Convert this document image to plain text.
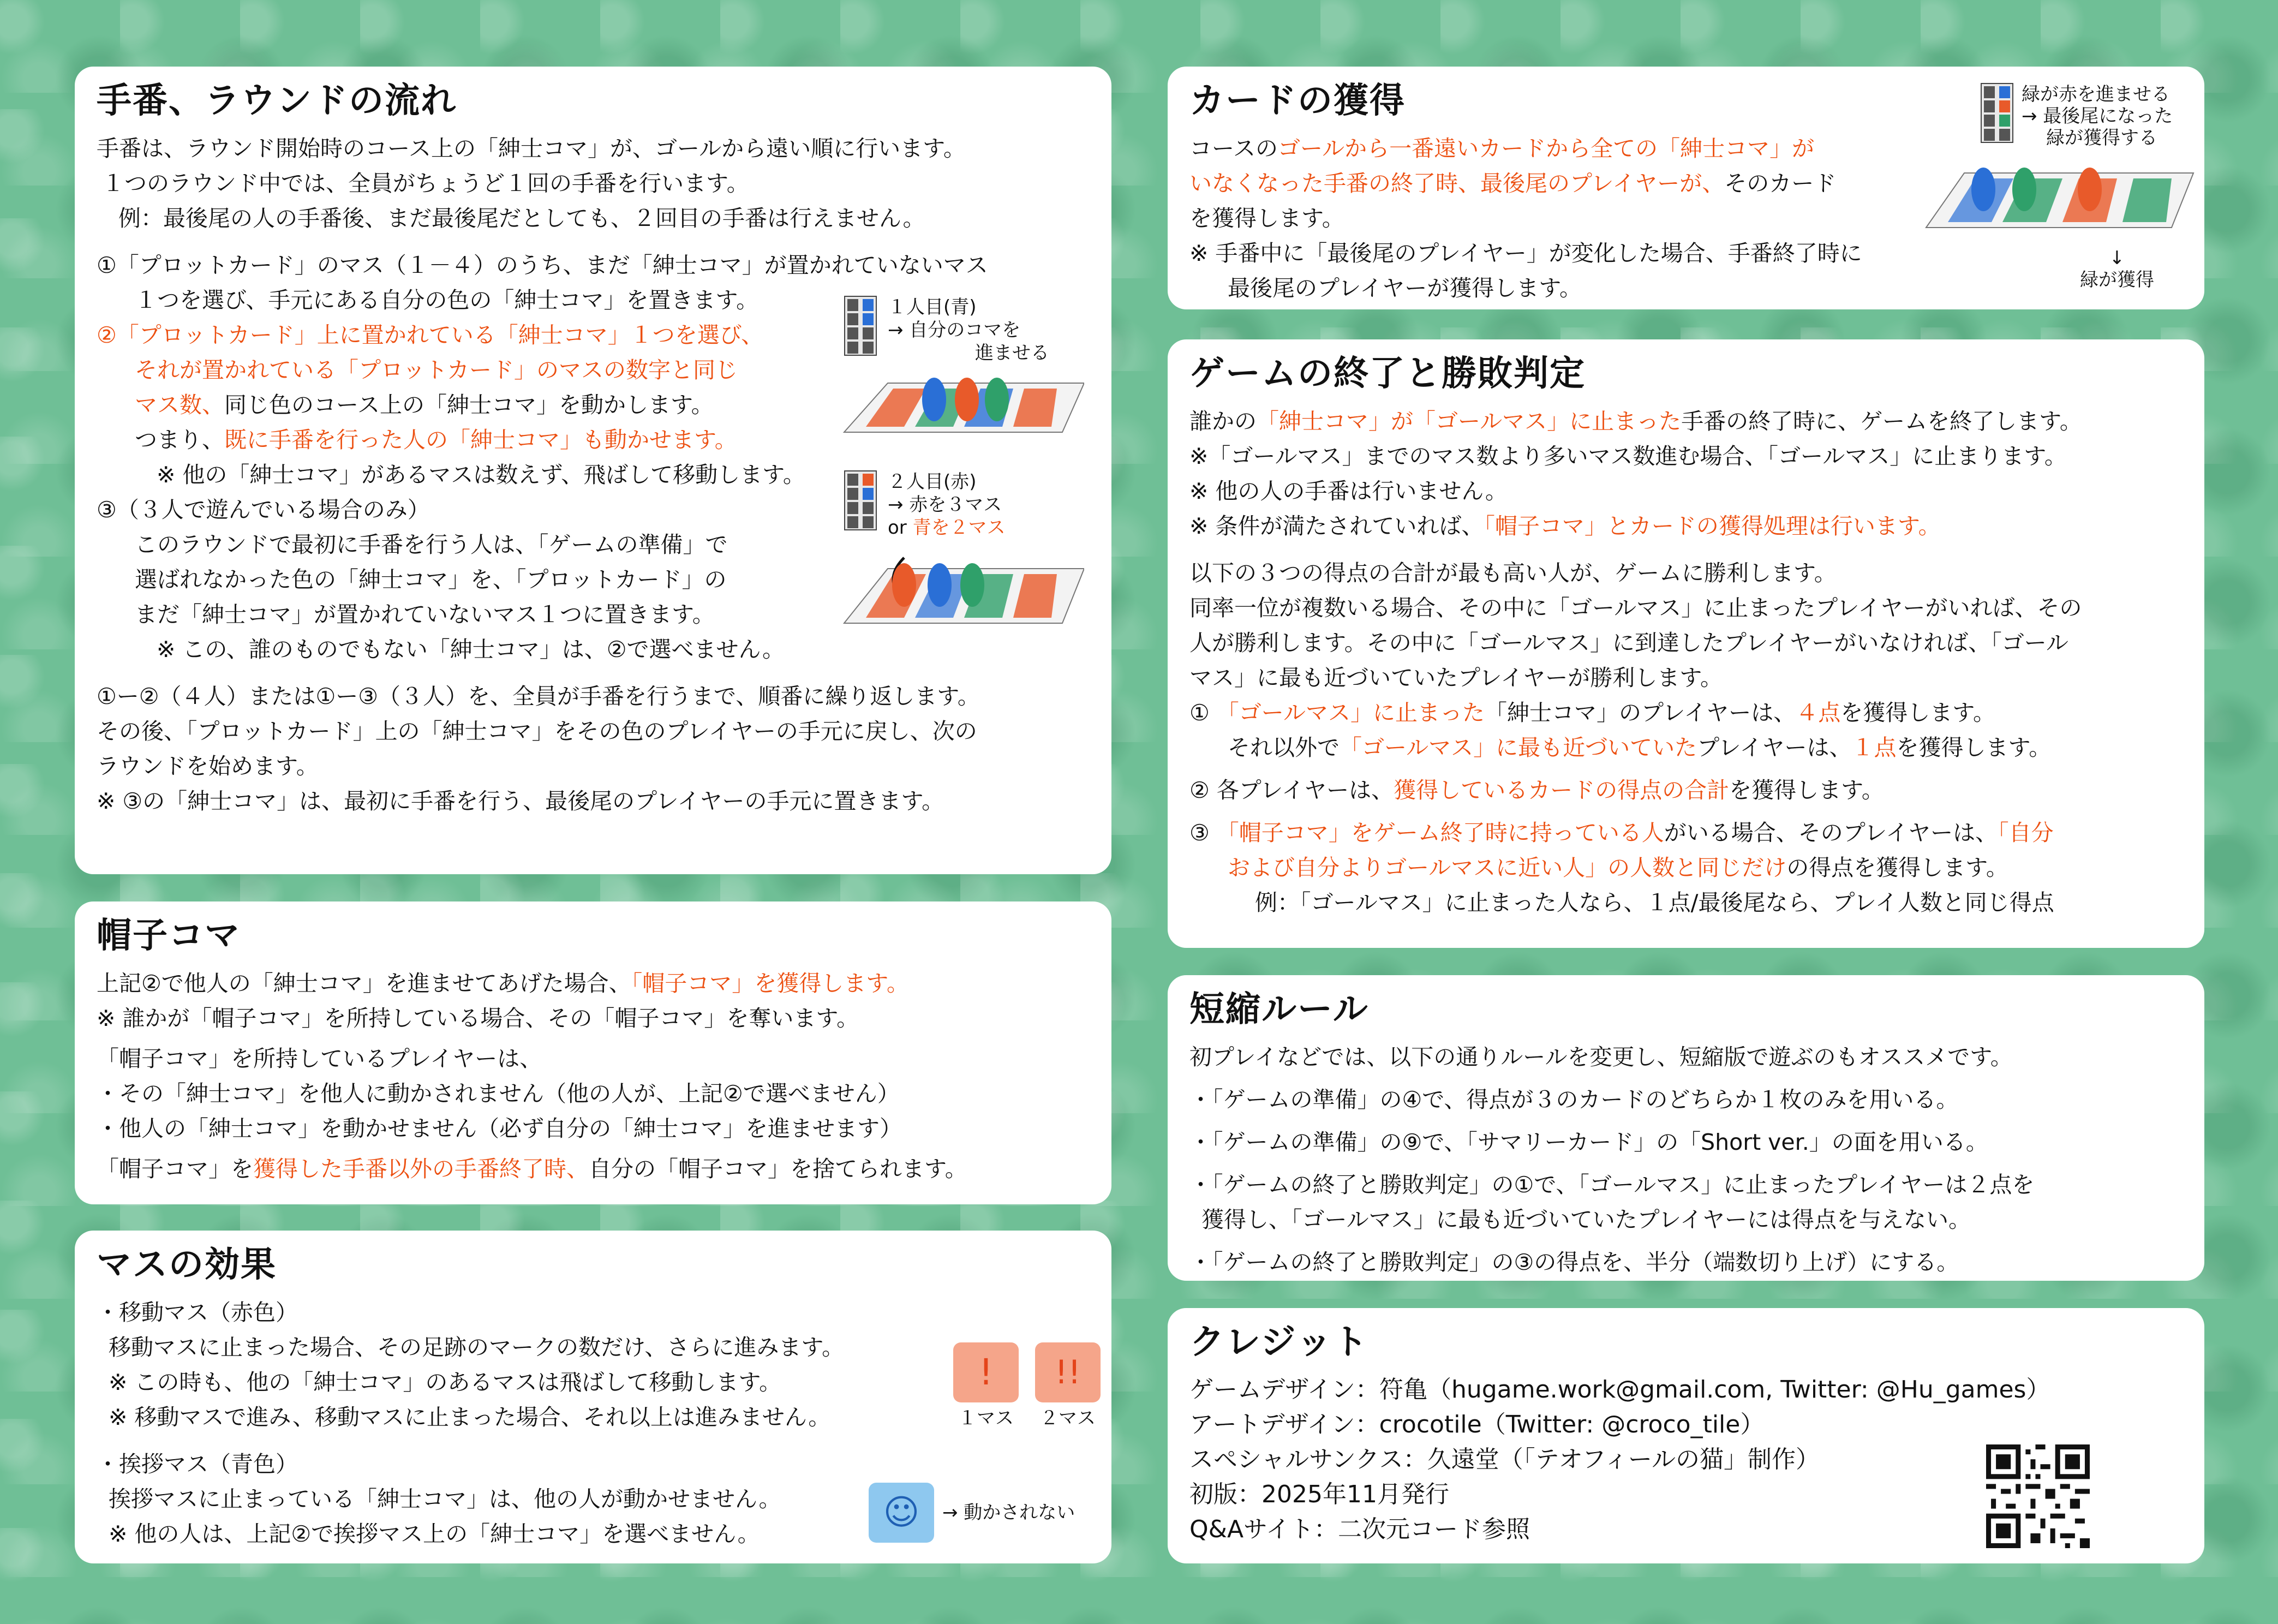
手番、ラウンドの流れ
手番は、ラウンド開始時のコース上の「紳士コマ」が、ゴールから遠い順に行います。
１つのラウンド中では、全員がちょうど１回の手番を行います。
例：最後尾の人の手番後、まだ最後尾だとしても、２回目の手番は行えません。
①「プロットカード」のマス（１－４）のうち、まだ「紳士コマ」が置かれていないマス
１つを選び、手元にある自分の色の「紳士コマ」を置きます。
②「プロットカード」上に置かれている「紳士コマ」１つを選び、
それが置かれている「プロットカード」のマスの数字と同じ
マス数、同じ色のコース上の「紳士コマ」を動かします。
つまり、既に手番を行った人の「紳士コマ」も動かせます。
※ 他の「紳士コマ」があるマスは数えず、飛ばして移動します。
③（３人で遊んでいる場合のみ）
このラウンドで最初に手番を行う人は、「ゲームの準備」で
選ばれなかった色の「紳士コマ」を、「プロットカード」の
まだ「紳士コマ」が置かれていないマス１つに置きます。
※ この、誰のものでもない「紳士コマ」は、②で選べません。
①ー②（４人）または①ー③（３人）を、全員が手番を行うまで、順番に繰り返します。
その後、「プロットカード」上の「紳士コマ」をその色のプレイヤーの手元に戻し、次の
ラウンドを始めます。
※ ③の「紳士コマ」は、最初に手番を行う、最後尾のプレイヤーの手元に置きます。
１人目(青)
→ 自分のコマを
進ませる
２人目(赤)
→ 赤を３マス
or 青を２マス
帽子コマ
上記②で他人の「紳士コマ」を進ませてあげた場合、「帽子コマ」を獲得します。
※ 誰かが「帽子コマ」を所持している場合、その「帽子コマ」を奪います。
「帽子コマ」を所持しているプレイヤーは、
・その「紳士コマ」を他人に動かされません（他の人が、上記②で選べません）
・他人の「紳士コマ」を動かせません（必ず自分の「紳士コマ」を進ませます）
「帽子コマ」を獲得した手番以外の手番終了時、自分の「帽子コマ」を捨てられます。
マスの効果
・移動マス（赤色）
移動マスに止まった場合、その足跡のマークの数だけ、さらに進みます。
※ この時も、他の「紳士コマ」のあるマスは飛ばして移動します。
※ 移動マスで進み、移動マスに止まった場合、それ以上は進みません。
・挨拶マス（青色）
挨拶マスに止まっている「紳士コマ」は、他の人が動かせません。
※ 他の人は、上記②で挨拶マス上の「紳士コマ」を選べません。
!	!!
１マス ２マス
☺	→ 動かされない
カードの獲得
コースのゴールから一番遠いカードから全ての「紳士コマ」が
いなくなった手番の終了時、最後尾のプレイヤーが、そのカード
を獲得します。
※ 手番中に「最後尾のプレイヤー」が変化した場合、手番終了時に
最後尾のプレイヤーが獲得します。
緑が赤を進ませる
→ 最後尾になった
緑が獲得する
↓
緑が獲得
ゲームの終了と勝敗判定
誰かの「紳士コマ」が「ゴールマス」に止まった手番の終了時に、ゲームを終了します。
※「ゴールマス」までのマス数より多いマス数進む場合、「ゴールマス」に止まります。
※ 他の人の手番は行いません。
※ 条件が満たされていれば、「帽子コマ」とカードの獲得処理は行います。
以下の３つの得点の合計が最も高い人が、ゲームに勝利します。
同率一位が複数いる場合、その中に「ゴールマス」に止まったプレイヤーがいれば、その
人が勝利します。その中に「ゴールマス」に到達したプレイヤーがいなければ、「ゴール
マス」に最も近づいていたプレイヤーが勝利します。
① 「ゴールマス」に止まった「紳士コマ」のプレイヤーは、４点を獲得します。
それ以外で「ゴールマス」に最も近づいていたプレイヤーは、１点を獲得します。
② 各プレイヤーは、獲得しているカードの得点の合計を獲得します。
③ 「帽子コマ」をゲーム終了時に持っている人がいる場合、そのプレイヤーは、「自分
および自分よりゴールマスに近い人」の人数と同じだけの得点を獲得します。
例：「ゴールマス」に止まった人なら、１点/最後尾なら、プレイ人数と同じ得点
短縮ルール
初プレイなどでは、以下の通りルールを変更し、短縮版で遊ぶのもオススメです。
・「ゲームの準備」の④で、得点が３のカードのどちらか１枚のみを用いる。
・「ゲームの準備」の⑨で、「サマリーカード」の「Short ver.」の面を用いる。
・「ゲームの終了と勝敗判定」の①で、「ゴールマス」に止まったプレイヤーは２点を
獲得し、「ゴールマス」に最も近づいていたプレイヤーには得点を与えない。
・「ゲームの終了と勝敗判定」の③の得点を、半分（端数切り上げ）にする。
クレジット
ゲームデザイン：符亀（hugame.work@gmail.com, Twitter: @Hu_games）
アートデザイン：crocotile（Twitter: @croco_tile）
スペシャルサンクス：久遠堂（「テオフィールの猫」制作）
初版：2025年11月発行
Q&Aサイト：二次元コード参照
